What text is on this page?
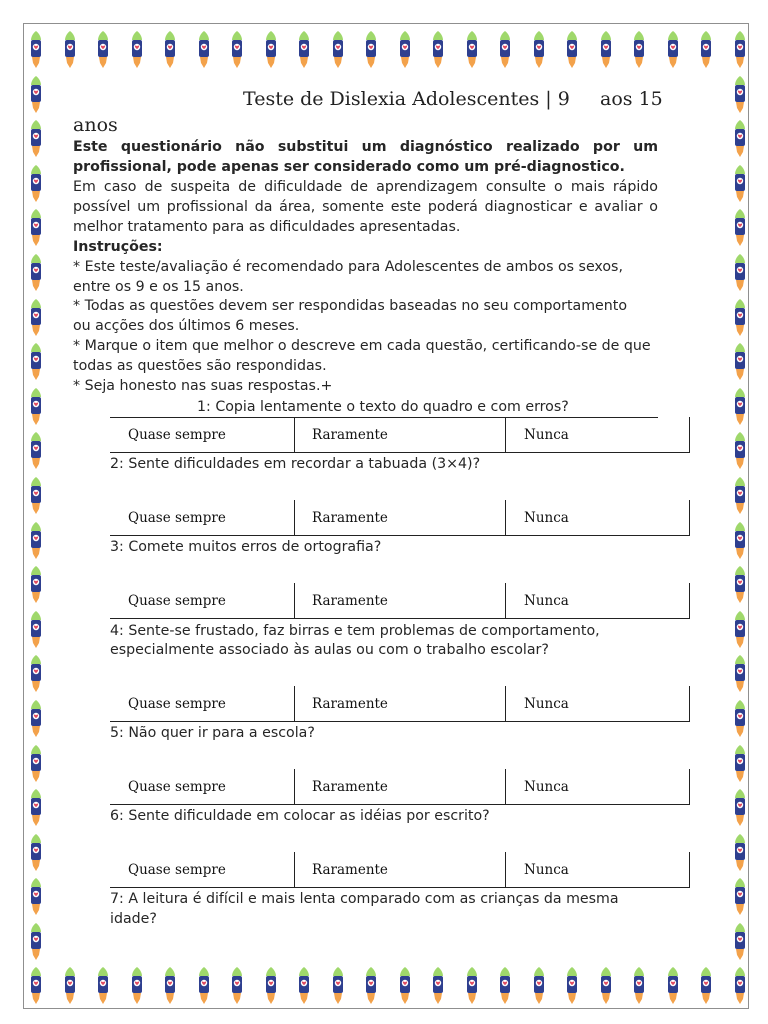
Teste de Dislexia Adolescentes | 9     aos 15
anos
Este questionário não substitui um diagnóstico realizado por um
profissional, pode apenas ser considerado como um pré-diagnostico.
Em caso de suspeita de dificuldade de aprendizagem consulte o mais rápido
possível um profissional da área, somente este poderá diagnosticar e avaliar o
melhor tratamento para as dificuldades apresentadas.
Instruções:
* Este teste/avaliação é recomendado para Adolescentes de ambos os sexos,
entre os 9 e os 15 anos.
* Todas as questões devem ser respondidas baseadas no seu comportamento
ou acções dos últimos 6 meses.
* Marque o item que melhor o descreve em cada questão, certificando-se de que
todas as questões são respondidas.
* Seja honesto nas suas respostas.+
1: Copia lentamente o texto do quadro e com erros?
Quase sempre	Raramente	Nunca
2: Sente dificuldades em recordar a tabuada (3×4)?
Quase sempre	Raramente	Nunca
3: Comete muitos erros de ortografia?
Quase sempre	Raramente	Nunca
4: Sente-se frustado, faz birras e tem problemas de comportamento,
especialmente associado às aulas ou com o trabalho escolar?
Quase sempre	Raramente	Nunca
5: Não quer ir para a escola?
Quase sempre	Raramente	Nunca
6: Sente dificuldade em colocar as idéias por escrito?
Quase sempre	Raramente	Nunca
7: A leitura é difícil e mais lenta comparado com as crianças da mesma
idade?
